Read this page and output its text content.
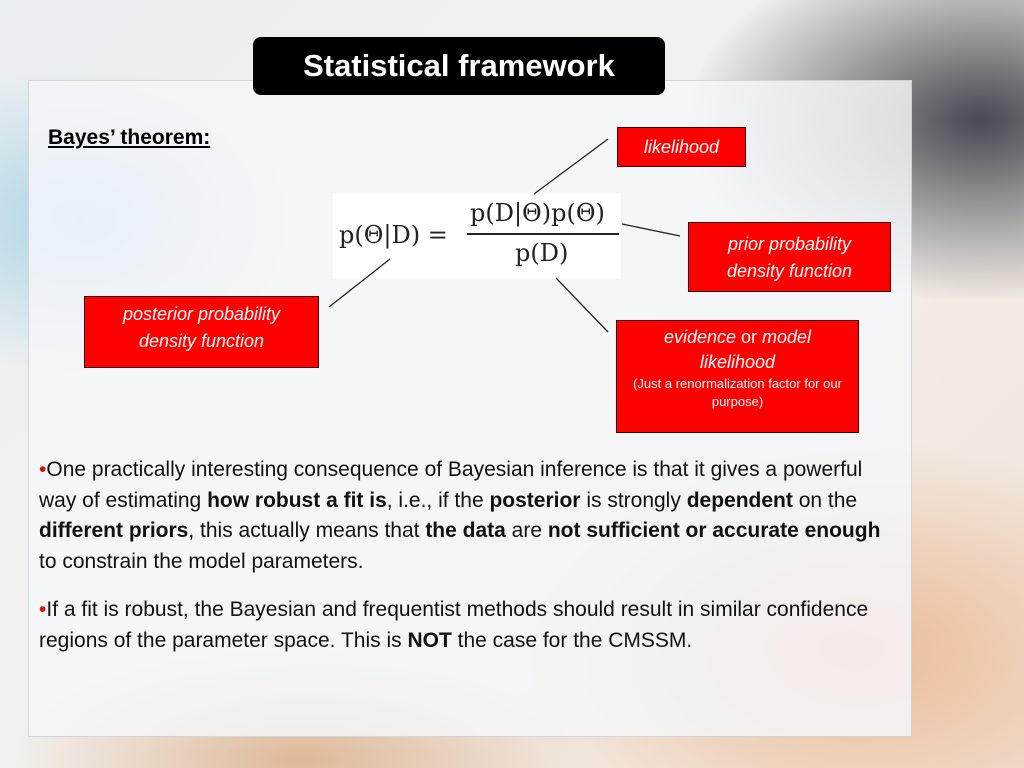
Statistical framework
Bayes’ theorem:
p(Θ|D) =
p(D|Θ)p(Θ)
p(D)
likelihood
prior probability
density function
posterior probability
density function	evidence or model
likelihood
(Just a renormalization factor for our purpose)

•One practically interesting consequence of Bayesian inference is that it gives a powerful way of estimating how robust a fit is, i.e., if the posterior is strongly dependent on the different priors, this actually means that the data are not sufficient or accurate enough to constrain the model parameters.

•If a fit is robust, the Bayesian and frequentist methods should result in similar confidence regions of the parameter space. This is NOT the case for the CMSSM.
